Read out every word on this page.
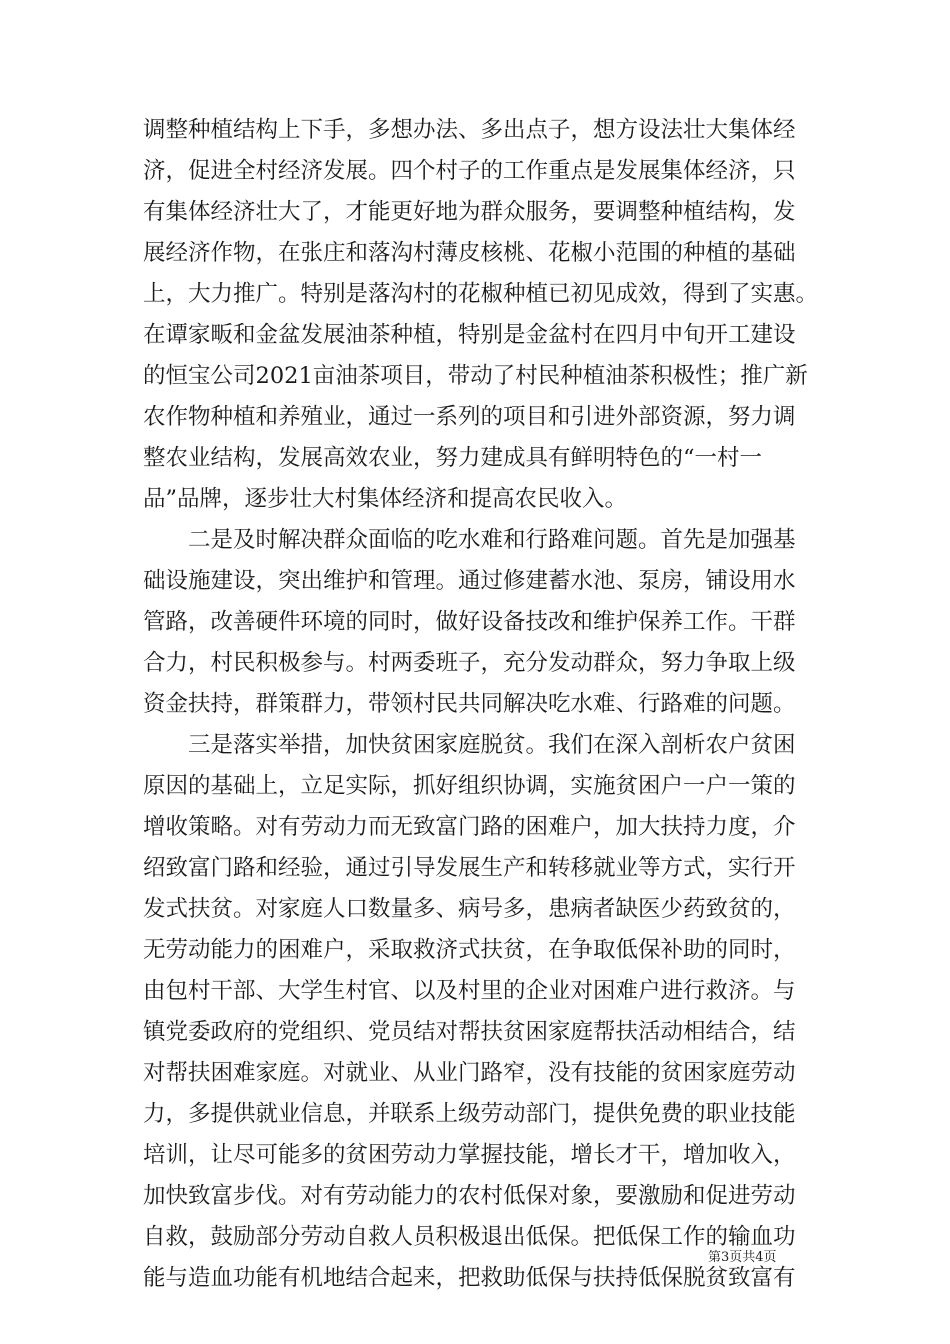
调整种植结构上下手，多想办法、多出点子，想方设法壮大集体经
济，促进全村经济发展。四个村子的工作重点是发展集体经济，只
有集体经济壮大了，才能更好地为群众服务，要调整种植结构，发
展经济作物，在张庄和落沟村薄皮核桃、花椒小范围的种植的基础
上，大力推广。特别是落沟村的花椒种植已初见成效，得到了实惠。
在谭家畈和金盆发展油茶种植，特别是金盆村在四月中旬开工建设
的恒宝公司2021亩油茶项目，带动了村民种植油茶积极性；推广新
农作物种植和养殖业，通过一系列的项目和引进外部资源，努力调
整农业结构，发展高效农业，努力建成具有鲜明特色的“一村一
品”品牌，逐步壮大村集体经济和提高农民收入。
二是及时解决群众面临的吃水难和行路难问题。首先是加强基
础设施建设，突出维护和管理。通过修建蓄水池、泵房，铺设用水
管路，改善硬件环境的同时，做好设备技改和维护保养工作。干群
合力，村民积极参与。村两委班子，充分发动群众，努力争取上级
资金扶持，群策群力，带领村民共同解决吃水难、行路难的问题。
三是落实举措，加快贫困家庭脱贫。我们在深入剖析农户贫困
原因的基础上，立足实际，抓好组织协调，实施贫困户一户一策的
增收策略。对有劳动力而无致富门路的困难户，加大扶持力度，介
绍致富门路和经验，通过引导发展生产和转移就业等方式，实行开
发式扶贫。对家庭人口数量多、病号多，患病者缺医少药致贫的，
无劳动能力的困难户，采取救济式扶贫，在争取低保补助的同时，
由包村干部、大学生村官、以及村里的企业对困难户进行救济。与
镇党委政府的党组织、党员结对帮扶贫困家庭帮扶活动相结合，结
对帮扶困难家庭。对就业、从业门路窄，没有技能的贫困家庭劳动
力，多提供就业信息，并联系上级劳动部门，提供免费的职业技能
培训，让尽可能多的贫困劳动力掌握技能，增长才干，增加收入，
加快致富步伐。对有劳动能力的农村低保对象，要激励和促进劳动
自救，鼓励部分劳动自救人员积极退出低保。把低保工作的输血功
能与造血功能有机地结合起来，把救助低保与扶持低保脱贫致富有
第3页共4页
